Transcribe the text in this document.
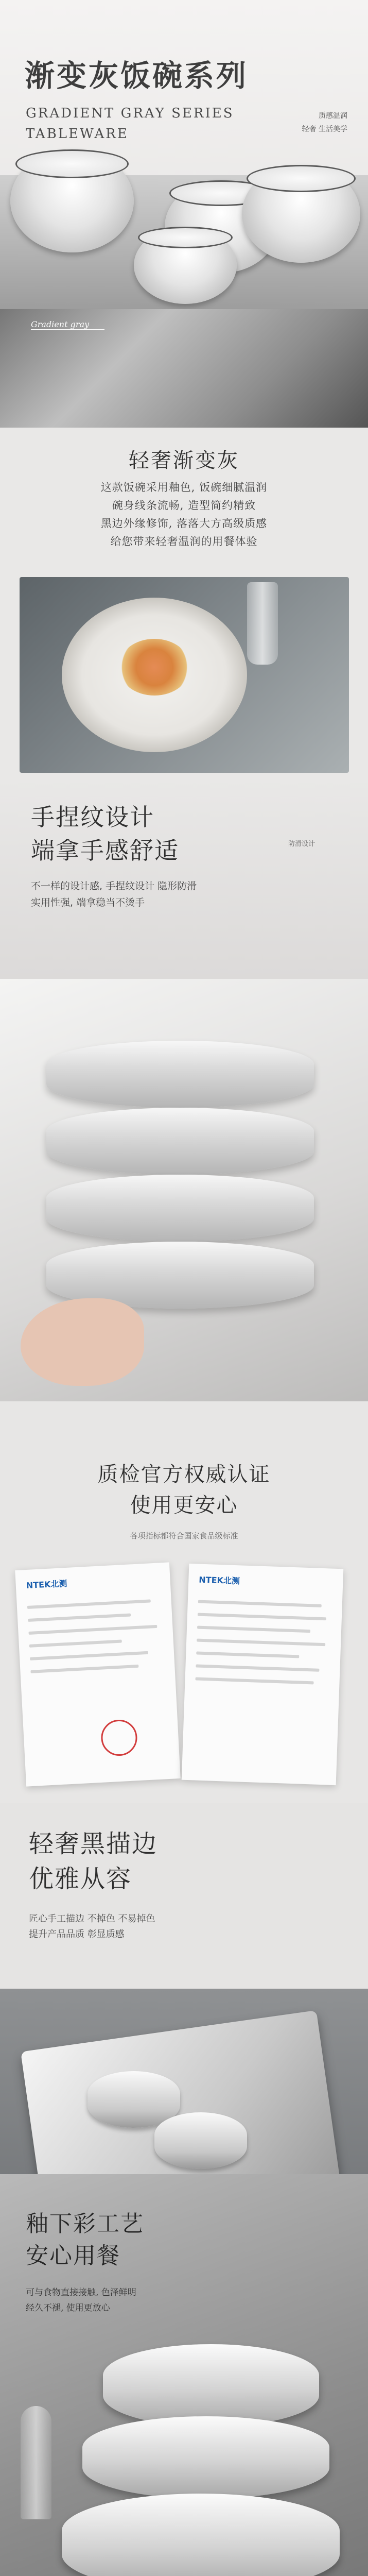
渐变灰饭碗系列
GRADIENT GRAY SERIES
TABLEWARE
质感温润
轻奢 生活美学
Gradient gray
轻奢渐变灰
这款饭碗采用釉色, 饭碗细腻温润
碗身线条流畅, 造型简约精致
黑边外缘修饰, 落落大方高级质感
给您带来轻奢温润的用餐体验
手捏纹设计
端拿手感舒适
不一样的设计感, 手捏纹设计 隐形防滑
实用性强, 端拿稳当不烫手
防滑设计
质检官方权威认证
使用更安心
各项指标都符合国家食品级标准
NTEK北测	NTEK北测
轻奢黑描边
优雅从容
匠心手工描边 不掉色 不易掉色
提升产品品质 彰显质感
釉下彩工艺
安心用餐
可与食物直接接触, 色泽鲜明
经久不褪, 使用更放心
